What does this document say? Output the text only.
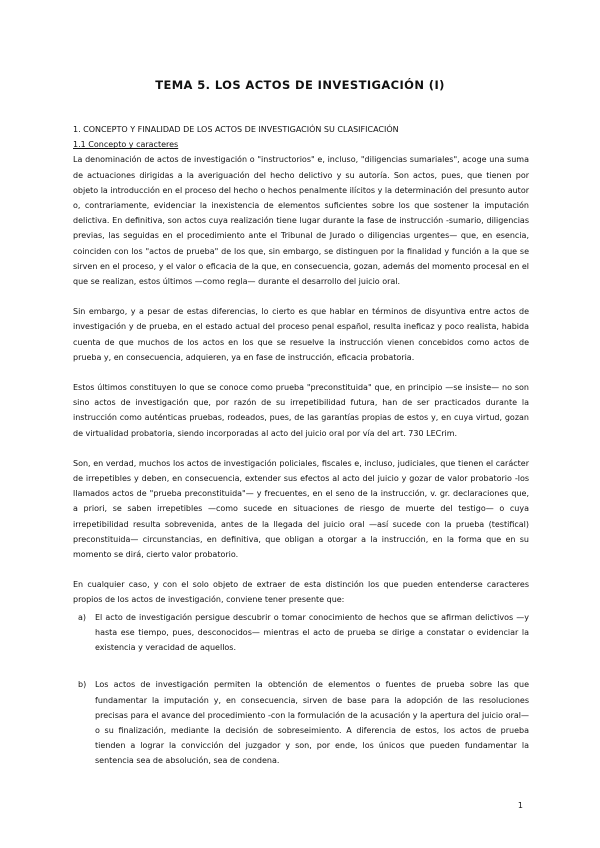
TEMA 5. LOS ACTOS DE INVESTIGACIÓN (I)
1. CONCEPTO Y FINALIDAD DE LOS ACTOS DE INVESTIGACIÓN SU CLASIFICACIÓN
1.1 Concepto y caracteres

La denominación de actos de investigación o "instructorios" e, incluso, "diligencias sumariales", acoge una suma de actuaciones dirigidas a la averiguación del hecho delictivo y su autoría. Son actos, pues, que tienen por objeto la introducción en el proceso del hecho o hechos penalmente ilícitos y la determinación del presunto autor o, contrariamente, evidenciar la inexistencia de elementos suficientes sobre los que sostener la imputación delictiva. En definitiva, son actos cuya realización tiene lugar durante la fase de instrucción -sumario, diligencias previas, las seguidas en el procedimiento ante el Tribunal de Jurado o diligencias urgentes— que, en esencia, coinciden con los "actos de prueba" de los que, sin embargo, se distinguen por la finalidad y función a la que se sirven en el proceso, y el valor o eficacia de la que, en consecuencia, gozan, además del momento procesal en el que se realizan, estos últimos —como regla— durante el desarrollo del juicio oral.

Sin embargo, y a pesar de estas diferencias, lo cierto es que hablar en términos de disyuntiva entre actos de investigación y de prueba, en el estado actual del proceso penal español, resulta ineficaz y poco realista, habida cuenta de que muchos de los actos en los que se resuelve la instrucción vienen concebidos como actos de prueba y, en consecuencia, adquieren, ya en fase de instrucción, eficacia probatoria.

Estos últimos constituyen lo que se conoce como prueba "preconstituida" que, en principio —se insiste— no son sino actos de investigación que, por razón de su irrepetibilidad futura, han de ser practicados durante la instrucción como auténticas pruebas, rodeados, pues, de las garantías propias de estos y, en cuya virtud, gozan de virtualidad probatoria, siendo incorporadas al acto del juicio oral por vía del art. 730 LECrim.

Son, en verdad, muchos los actos de investigación policiales, fiscales e, incluso, judiciales, que tienen el carácter de irrepetibles y deben, en consecuencia, extender sus efectos al acto del juicio y gozar de valor probatorio -los llamados actos de "prueba preconstituida"— y frecuentes, en el seno de la instrucción, v. gr. declaraciones que, a priori, se saben irrepetibles —como sucede en situaciones de riesgo de muerte del testigo— o cuya irrepetibilidad resulta sobrevenida, antes de la llegada del juicio oral —así sucede con la prueba (testifical) preconstituida— circunstancias, en definitiva, que obligan a otorgar a la instrucción, en la forma que en su momento se dirá, cierto valor probatorio.

En cualquier caso, y con el solo objeto de extraer de esta distinción los que pueden entenderse caracteres propios de los actos de investigación, conviene tener presente que:

a) El acto de investigación persigue descubrir o tomar conocimiento de hechos que se afirman delictivos —y hasta ese tiempo, pues, desconocidos— mientras el acto de prueba se dirige a constatar o evidenciar la existencia y veracidad de aquellos.
b) Los actos de investigación permiten la obtención de elementos o fuentes de prueba sobre las que fundamentar la imputación y, en consecuencia, sirven de base para la adopción de las resoluciones precisas para el avance del procedimiento -con la formulación de la acusación y la apertura del juicio oral— o su finalización, mediante la decisión de sobreseimiento. A diferencia de estos, los actos de prueba tienden a lograr la convicción del juzgador y son, por ende, los únicos que pueden fundamentar la sentencia sea de absolución, sea de condena.
1
